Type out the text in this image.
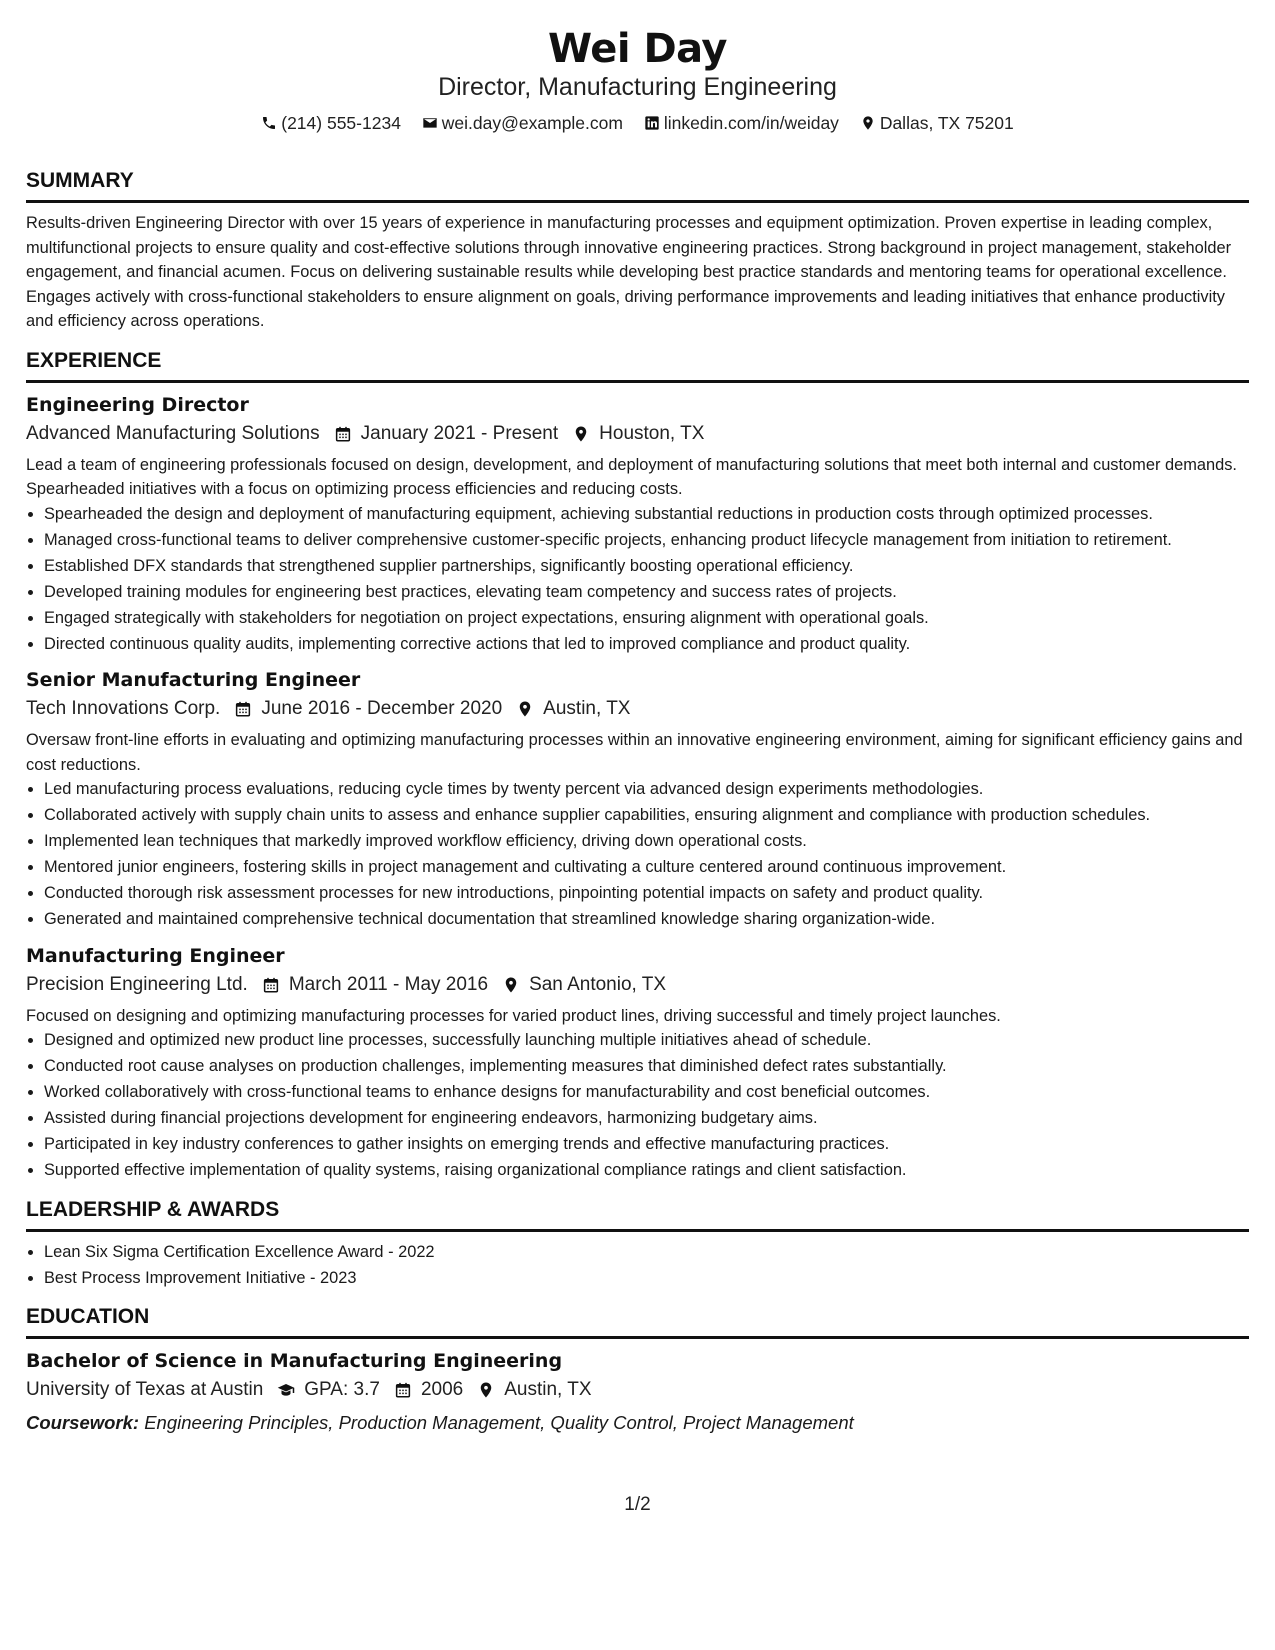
Wei Day
Director, Manufacturing Engineering
(214) 555-1234
wei.day@example.com
linkedin.com/in/weiday
Dallas, TX 75201
SUMMARY
Results-driven Engineering Director with over 15 years of experience in manufacturing processes and equipment optimization. Proven expertise in leading complex, multifunctional projects to ensure quality and cost-effective solutions through innovative engineering practices. Strong background in project management, stakeholder engagement, and financial acumen. Focus on delivering sustainable results while developing best practice standards and mentoring teams for operational excellence. Engages actively with cross-functional stakeholders to ensure alignment on goals, driving performance improvements and leading initiatives that enhance productivity and efficiency across operations.
EXPERIENCE
Engineering Director
Advanced Manufacturing Solutions January 2021 - Present Houston, TX
Lead a team of engineering professionals focused on design, development, and deployment of manufacturing solutions that meet both internal and customer demands. Spearheaded initiatives with a focus on optimizing process efficiencies and reducing costs.
• Spearheaded the design and deployment of manufacturing equipment, achieving substantial reductions in production costs through optimized processes.
• Managed cross-functional teams to deliver comprehensive customer-specific projects, enhancing product lifecycle management from initiation to retirement.
• Established DFX standards that strengthened supplier partnerships, significantly boosting operational efficiency.
• Developed training modules for engineering best practices, elevating team competency and success rates of projects.
• Engaged strategically with stakeholders for negotiation on project expectations, ensuring alignment with operational goals.
• Directed continuous quality audits, implementing corrective actions that led to improved compliance and product quality.
Senior Manufacturing Engineer
Tech Innovations Corp. June 2016 - December 2020 Austin, TX
Oversaw front-line efforts in evaluating and optimizing manufacturing processes within an innovative engineering environment, aiming for significant efficiency gains and cost reductions.
• Led manufacturing process evaluations, reducing cycle times by twenty percent via advanced design experiments methodologies.
• Collaborated actively with supply chain units to assess and enhance supplier capabilities, ensuring alignment and compliance with production schedules.
• Implemented lean techniques that markedly improved workflow efficiency, driving down operational costs.
• Mentored junior engineers, fostering skills in project management and cultivating a culture centered around continuous improvement.
• Conducted thorough risk assessment processes for new introductions, pinpointing potential impacts on safety and product quality.
• Generated and maintained comprehensive technical documentation that streamlined knowledge sharing organization-wide.
Manufacturing Engineer
Precision Engineering Ltd. March 2011 - May 2016 San Antonio, TX
Focused on designing and optimizing manufacturing processes for varied product lines, driving successful and timely project launches.
• Designed and optimized new product line processes, successfully launching multiple initiatives ahead of schedule.
• Conducted root cause analyses on production challenges, implementing measures that diminished defect rates substantially.
• Worked collaboratively with cross-functional teams to enhance designs for manufacturability and cost beneficial outcomes.
• Assisted during financial projections development for engineering endeavors, harmonizing budgetary aims.
• Participated in key industry conferences to gather insights on emerging trends and effective manufacturing practices.
• Supported effective implementation of quality systems, raising organizational compliance ratings and client satisfaction.
LEADERSHIP & AWARDS
• Lean Six Sigma Certification Excellence Award - 2022
• Best Process Improvement Initiative - 2023
EDUCATION
Bachelor of Science in Manufacturing Engineering
University of Texas at Austin GPA: 3.7 2006 Austin, TX
Coursework: Engineering Principles, Production Management, Quality Control, Project Management
1/2
